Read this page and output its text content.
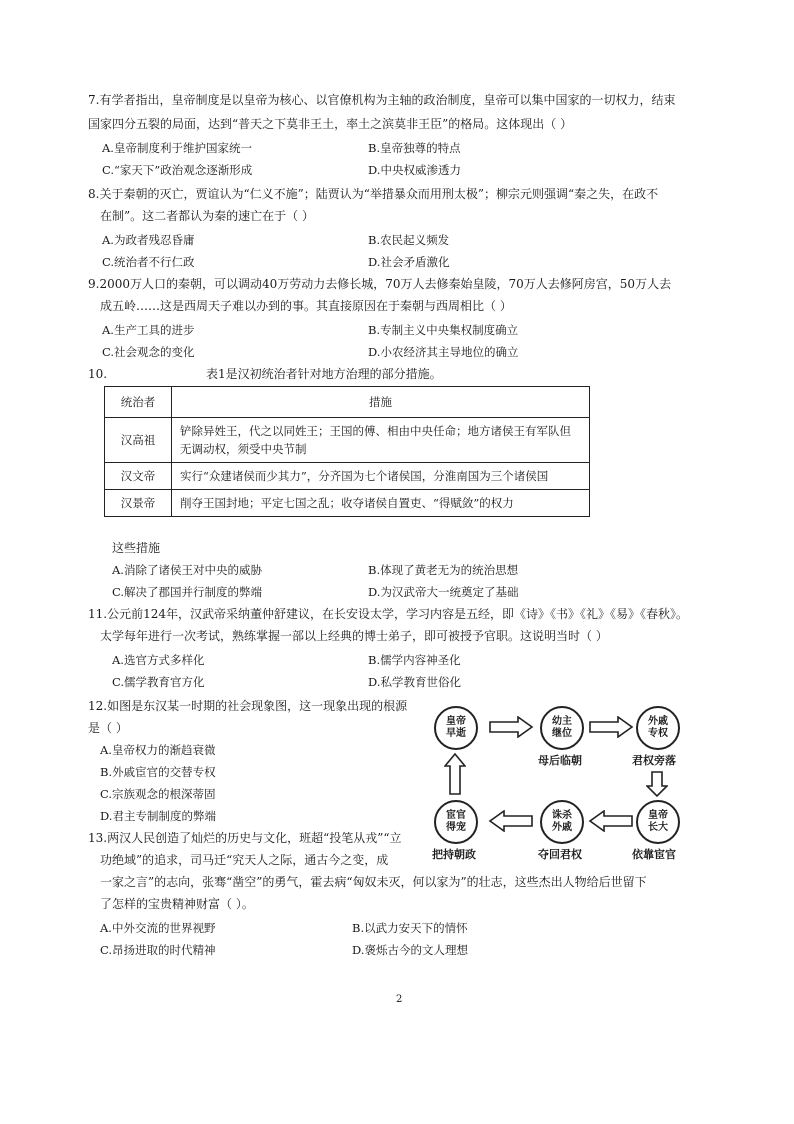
7.有学者指出，皇帝制度是以皇帝为核心、以官僚机构为主轴的政治制度，皇帝可以集中国家的一切权力，结束
国家四分五裂的局面，达到“普天之下莫非王土，率土之滨莫非王臣”的格局。这体现出（ ）
A.皇帝制度利于维护国家统一	B.皇帝独尊的特点
C.“家天下”政治观念逐渐形成	D.中央权威渗透力
8.关于秦朝的灭亡，贾谊认为“仁义不施”；陆贾认为“举措暴众而用刑太极”；柳宗元则强调“秦之失，在政不
在制”。这二者都认为秦的速亡在于（ ）
A.为政者残忍昏庸	B.农民起义频发
C.统治者不行仁政	D.社会矛盾激化
9.2000万人口的秦朝，可以调动40万劳动力去修长城，70万人去修秦始皇陵，70万人去修阿房宫，50万人去
成五岭……这是西周天子难以办到的事。其直接原因在于秦朝与西周相比（ ）
A.生产工具的进步	B.专制主义中央集权制度确立
C.社会观念的变化	D.小农经济其主导地位的确立
10.	表1是汉初统治者针对地方治理的部分措施。
统治者	措施
汉高祖	铲除异姓王，代之以同姓王；王国的傅、相由中央任命；地方诸侯王有军队但
无调动权，须受中央节制

汉文帝	实行“众建诸侯而少其力”，分齐国为七个诸侯国，分淮南国为三个诸侯国
汉景帝	削夺王国封地；平定七国之乱；收夺诸侯自置吏、“得赋敛”的权力
这些措施
A.消除了诸侯王对中央的威胁	B.体现了黄老无为的统治思想
C.解决了郡国并行制度的弊端	D.为汉武帝大一统奠定了基础
11.公元前124年，汉武帝采纳董仲舒建议，在长安设太学，学习内容是五经，即《诗》《书》《礼》《易》《春秋》。
太学每年进行一次考试，熟练掌握一部以上经典的博士弟子，即可被授予官职。这说明当时（ ）
A.选官方式多样化	B.儒学内容神圣化
C.儒学教育官方化	D.私学教育世俗化
12.如图是东汉某一时期的社会现象图，这一现象出现的根源
是（ ）
A.皇帝权力的渐趋衰微
B.外戚宦官的交替专权
C.宗族观念的根深蒂固
D.君主专制制度的弊端
皇帝早逝
幼主继位
外戚专权
皇帝长大
诛杀外戚
宦官得宠
母后临朝	君权旁落
依靠宦官
夺回君权
把持朝政
13.两汉人民创造了灿烂的历史与文化，班超“投笔从戎”“立
功绝域”的追求，司马迁“究天人之际，通古今之变，成
一家之言”的志向，张骞“凿空”的勇气，霍去病“匈奴未灭，何以家为”的壮志，这些杰出人物给后世留下
了怎样的宝贵精神财富（ ）。
A.中外交流的世界视野	B.以武力安天下的情怀
C.昂扬进取的时代精神	D.褒烁古今的文人理想
2
